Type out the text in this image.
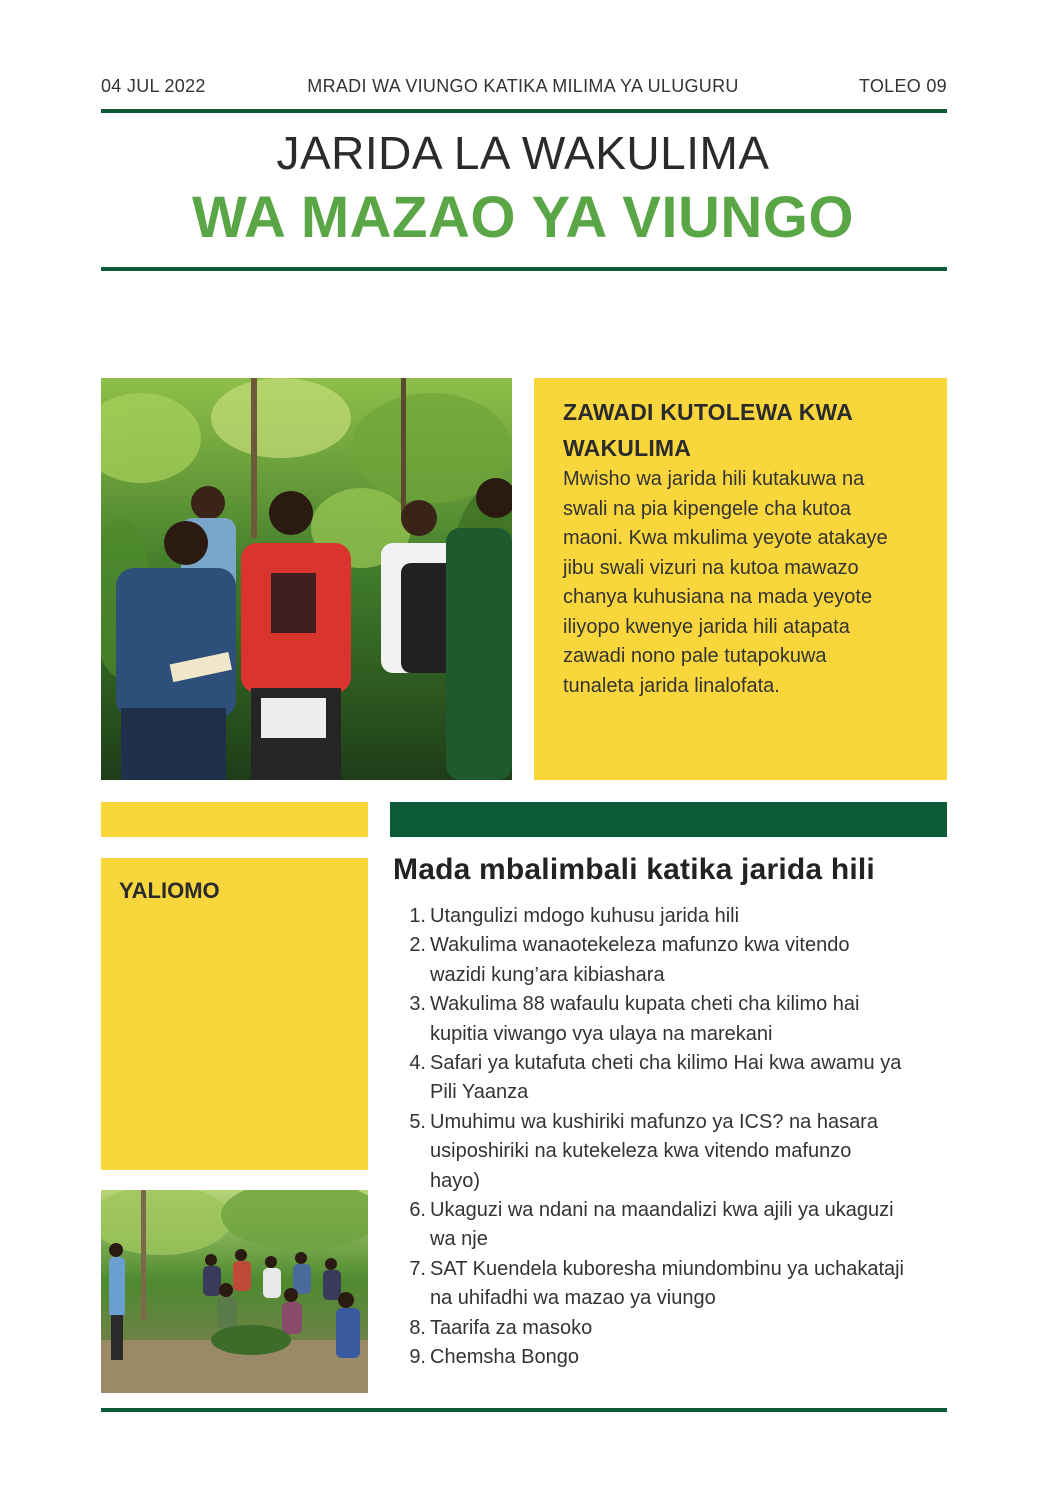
04 JUL 2022	MRADI WA VIUNGO KATIKA MILIMA YA ULUGURU	TOLEO 09
JARIDA LA WAKULIMA
WA MAZAO YA VIUNGO
ZAWADI KUTOLEWA KWA
WAKULIMA
Mwisho wa jarida hili kutakuwa na
swali na pia kipengele cha kutoa
maoni. Kwa mkulima yeyote atakaye
jibu swali vizuri na kutoa mawazo
chanya kuhusiana na mada yeyote
iliyopo kwenye jarida hili atapata
zawadi nono pale tutapokuwa
tunaleta jarida linalofata.
YALIOMO
Mada mbalimbali katika jarida hili
1. Utangulizi mdogo kuhusu jarida hili
2. Wakulima wanaotekeleza mafunzo kwa vitendo
wazidi kung’ara kibiashara
3. Wakulima 88 wafaulu kupata cheti cha kilimo hai
kupitia viwango vya ulaya na marekani
4. Safari ya kutafuta cheti cha kilimo Hai kwa awamu ya
Pili Yaanza
5. Umuhimu wa kushiriki mafunzo ya ICS? na hasara
usiposhiriki na kutekeleza kwa vitendo mafunzo
hayo)
6. Ukaguzi wa ndani na maandalizi kwa ajili ya ukaguzi
wa nje
7. SAT Kuendela kuboresha miundombinu ya uchakataji
na uhifadhi wa mazao ya viungo
8. Taarifa za masoko
9. Chemsha Bongo
